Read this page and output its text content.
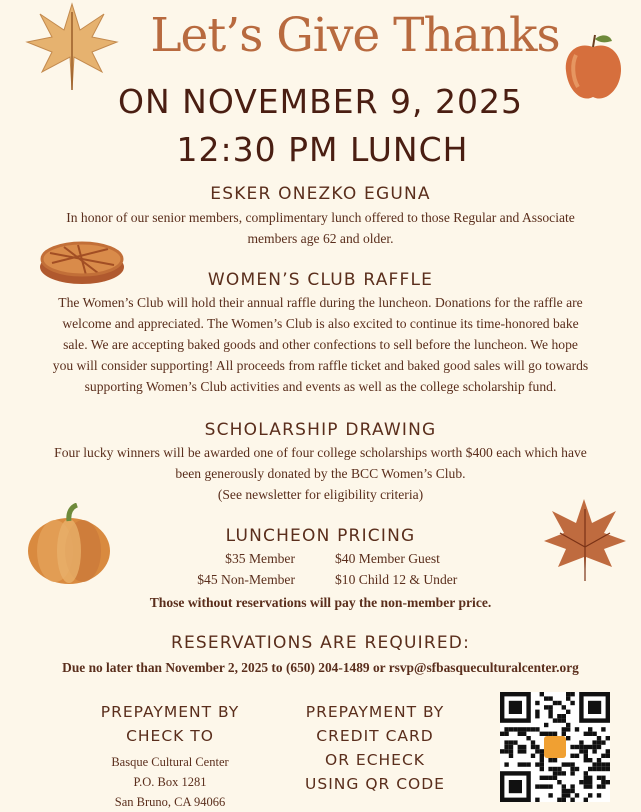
Let’s Give Thanks
ON NOVEMBER 9, 2025
12:30 PM LUNCH
ESKER ONEZKO EGUNA
In honor of our senior members, complimentary lunch offered to those Regular and Associate
members age 62 and older.
WOMEN’S CLUB RAFFLE
The Women’s Club will hold their annual raffle during the luncheon. Donations for the raffle are
welcome and appreciated. The Women’s Club is also excited to continue its time-honored bake
sale. We are accepting baked goods and other confections to sell before the luncheon. We hope
you will consider supporting! All proceeds from raffle ticket and baked good sales will go towards
supporting Women’s Club activities and events as well as the college scholarship fund.
SCHOLARSHIP DRAWING
Four lucky winners will be awarded one of four college scholarships worth $400 each which have
been generously donated by the BCC Women’s Club.
(See newsletter for eligibility criteria)
LUNCHEON PRICING
$35 Member	$40 Member Guest
$45 Non-Member	$10 Child 12 & Under
Those without reservations will pay the non-member price.
RESERVATIONS ARE REQUIRED:
Due no later than November 2, 2025 to (650) 204-1489 or rsvp@sfbasqueculturalcenter.org
PREPAYMENT BY
CHECK TO
Basque Cultural Center
P.O. Box 1281
San Bruno, CA 94066
PREPAYMENT BY
CREDIT CARD
OR ECHECK
USING QR CODE
